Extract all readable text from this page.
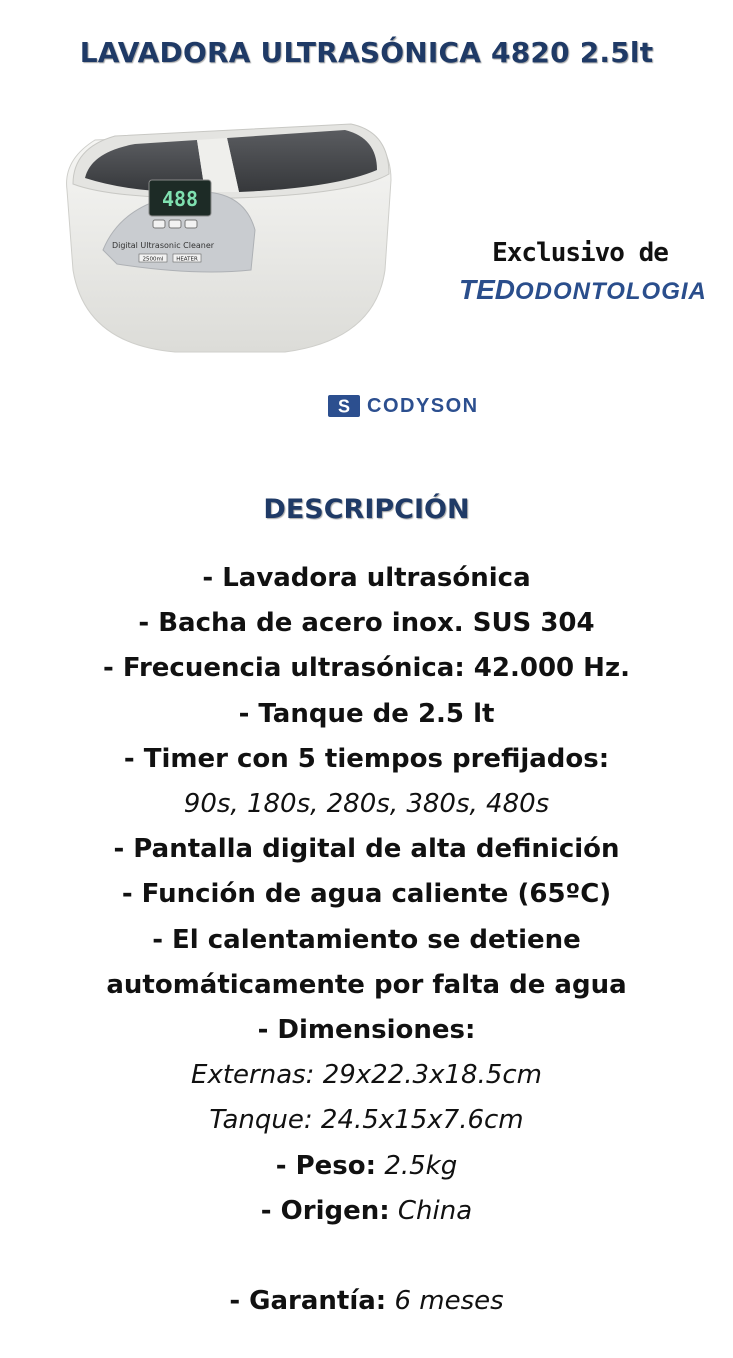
LAVADORA ULTRASÓNICA 4820 2.5lt
488
Digital Ultrasonic Cleaner
2500ml HEATER	Exclusivo de
TEDODONTOLOGIA
S CODYSON
DESCRIPCIÓN
- Lavadora ultrasónica
- Bacha de acero inox. SUS 304
- Frecuencia ultrasónica: 42.000 Hz.
- Tanque de 2.5 lt
- Timer con 5 tiempos prefijados:
90s, 180s, 280s, 380s, 480s
- Pantalla digital de alta definición
- Función de agua caliente (65ºC)
- El calentamiento se detiene
automáticamente por falta de agua
- Dimensiones:
Externas: 29x22.3x18.5cm
Tanque: 24.5x15x7.6cm
- Peso: 2.5kg
- Origen: China
- Garantía: 6 meses
